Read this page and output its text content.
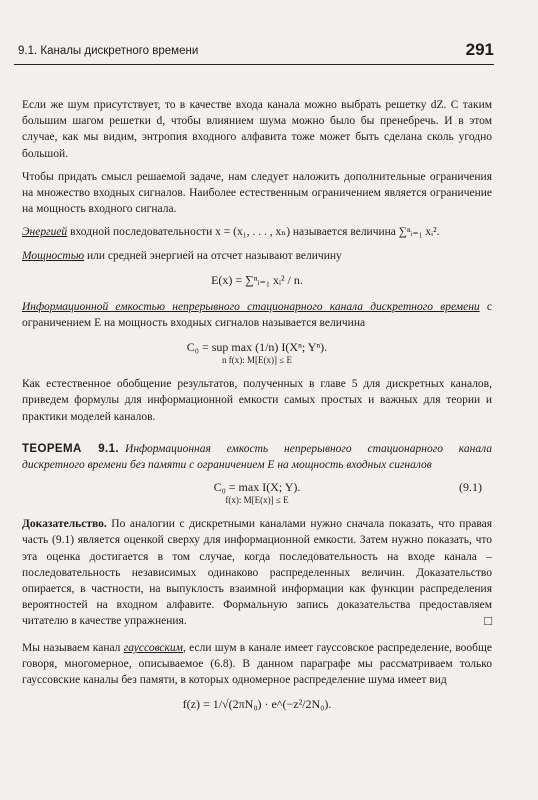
9.1. Каналы дискретного времени	291

Если же шум присутствует, то в качестве входа канала можно выбрать решетку dZ. С таким большим шагом решетки d, чтобы влиянием шума можно было бы пренебречь. И в этом случае, как мы видим, энтропия входного алфавита тоже может быть сделана сколь угодно большой.

Чтобы придать смысл решаемой задаче, нам следует наложить дополнительные ограничения на множество входных сигналов. Наиболее естественным ограничением является ограничение на мощность входного сигнала.

Энергией входной последовательности x = (x₁, . . . , xₙ) называется величина ∑ⁿᵢ₌₁ xᵢ².

Мощностью или средней энергией на отсчет называют величину

E(x) = ∑ⁿᵢ₌₁ xᵢ² / n.

Информационной емкостью непрерывного стационарного канала дискретного времени с ограничением E на мощность входных сигналов называется величина

C₀ = sup max (1/n) I(Xⁿ; Yⁿ).
n f(x): M[E(x)] ≤ E

Как естественное обобщение результатов, полученных в главе 5 для дискретных каналов, приведем формулы для информационной емкости самых простых и важных для теории и практики моделей каналов.

ТЕОРЕМА 9.1. Информационная емкость непрерывного стационарного канала дискретного времени без памяти с ограничением E на мощность входных сигналов

C₀ = max I(X; Y).
f(x): M[E(x)] ≤ E
(9.1)

Доказательство. По аналогии с дискретными каналами нужно сначала показать, что правая часть (9.1) является оценкой сверху для информационной емкости. Затем нужно показать, что эта оценка достигается в том случае, когда последовательность на входе канала – последовательность независимых одинаково распределенных величин. Доказательство опирается, в частности, на выпуклость взаимной информации как функции распределения вероятностей на входном алфавите. Формальную запись доказательства предоставляем читателю в качестве упражнения.	□

Мы называем канал гауссовским, если шум в канале имеет гауссовское распределение, вообще говоря, многомерное, описываемое (6.8). В данном параграфе мы рассматриваем только гауссовские каналы без памяти, в которых одномерное распределение шума имеет вид

f(z) = 1/√(2πN₀) · e^(−z²/2N₀).
